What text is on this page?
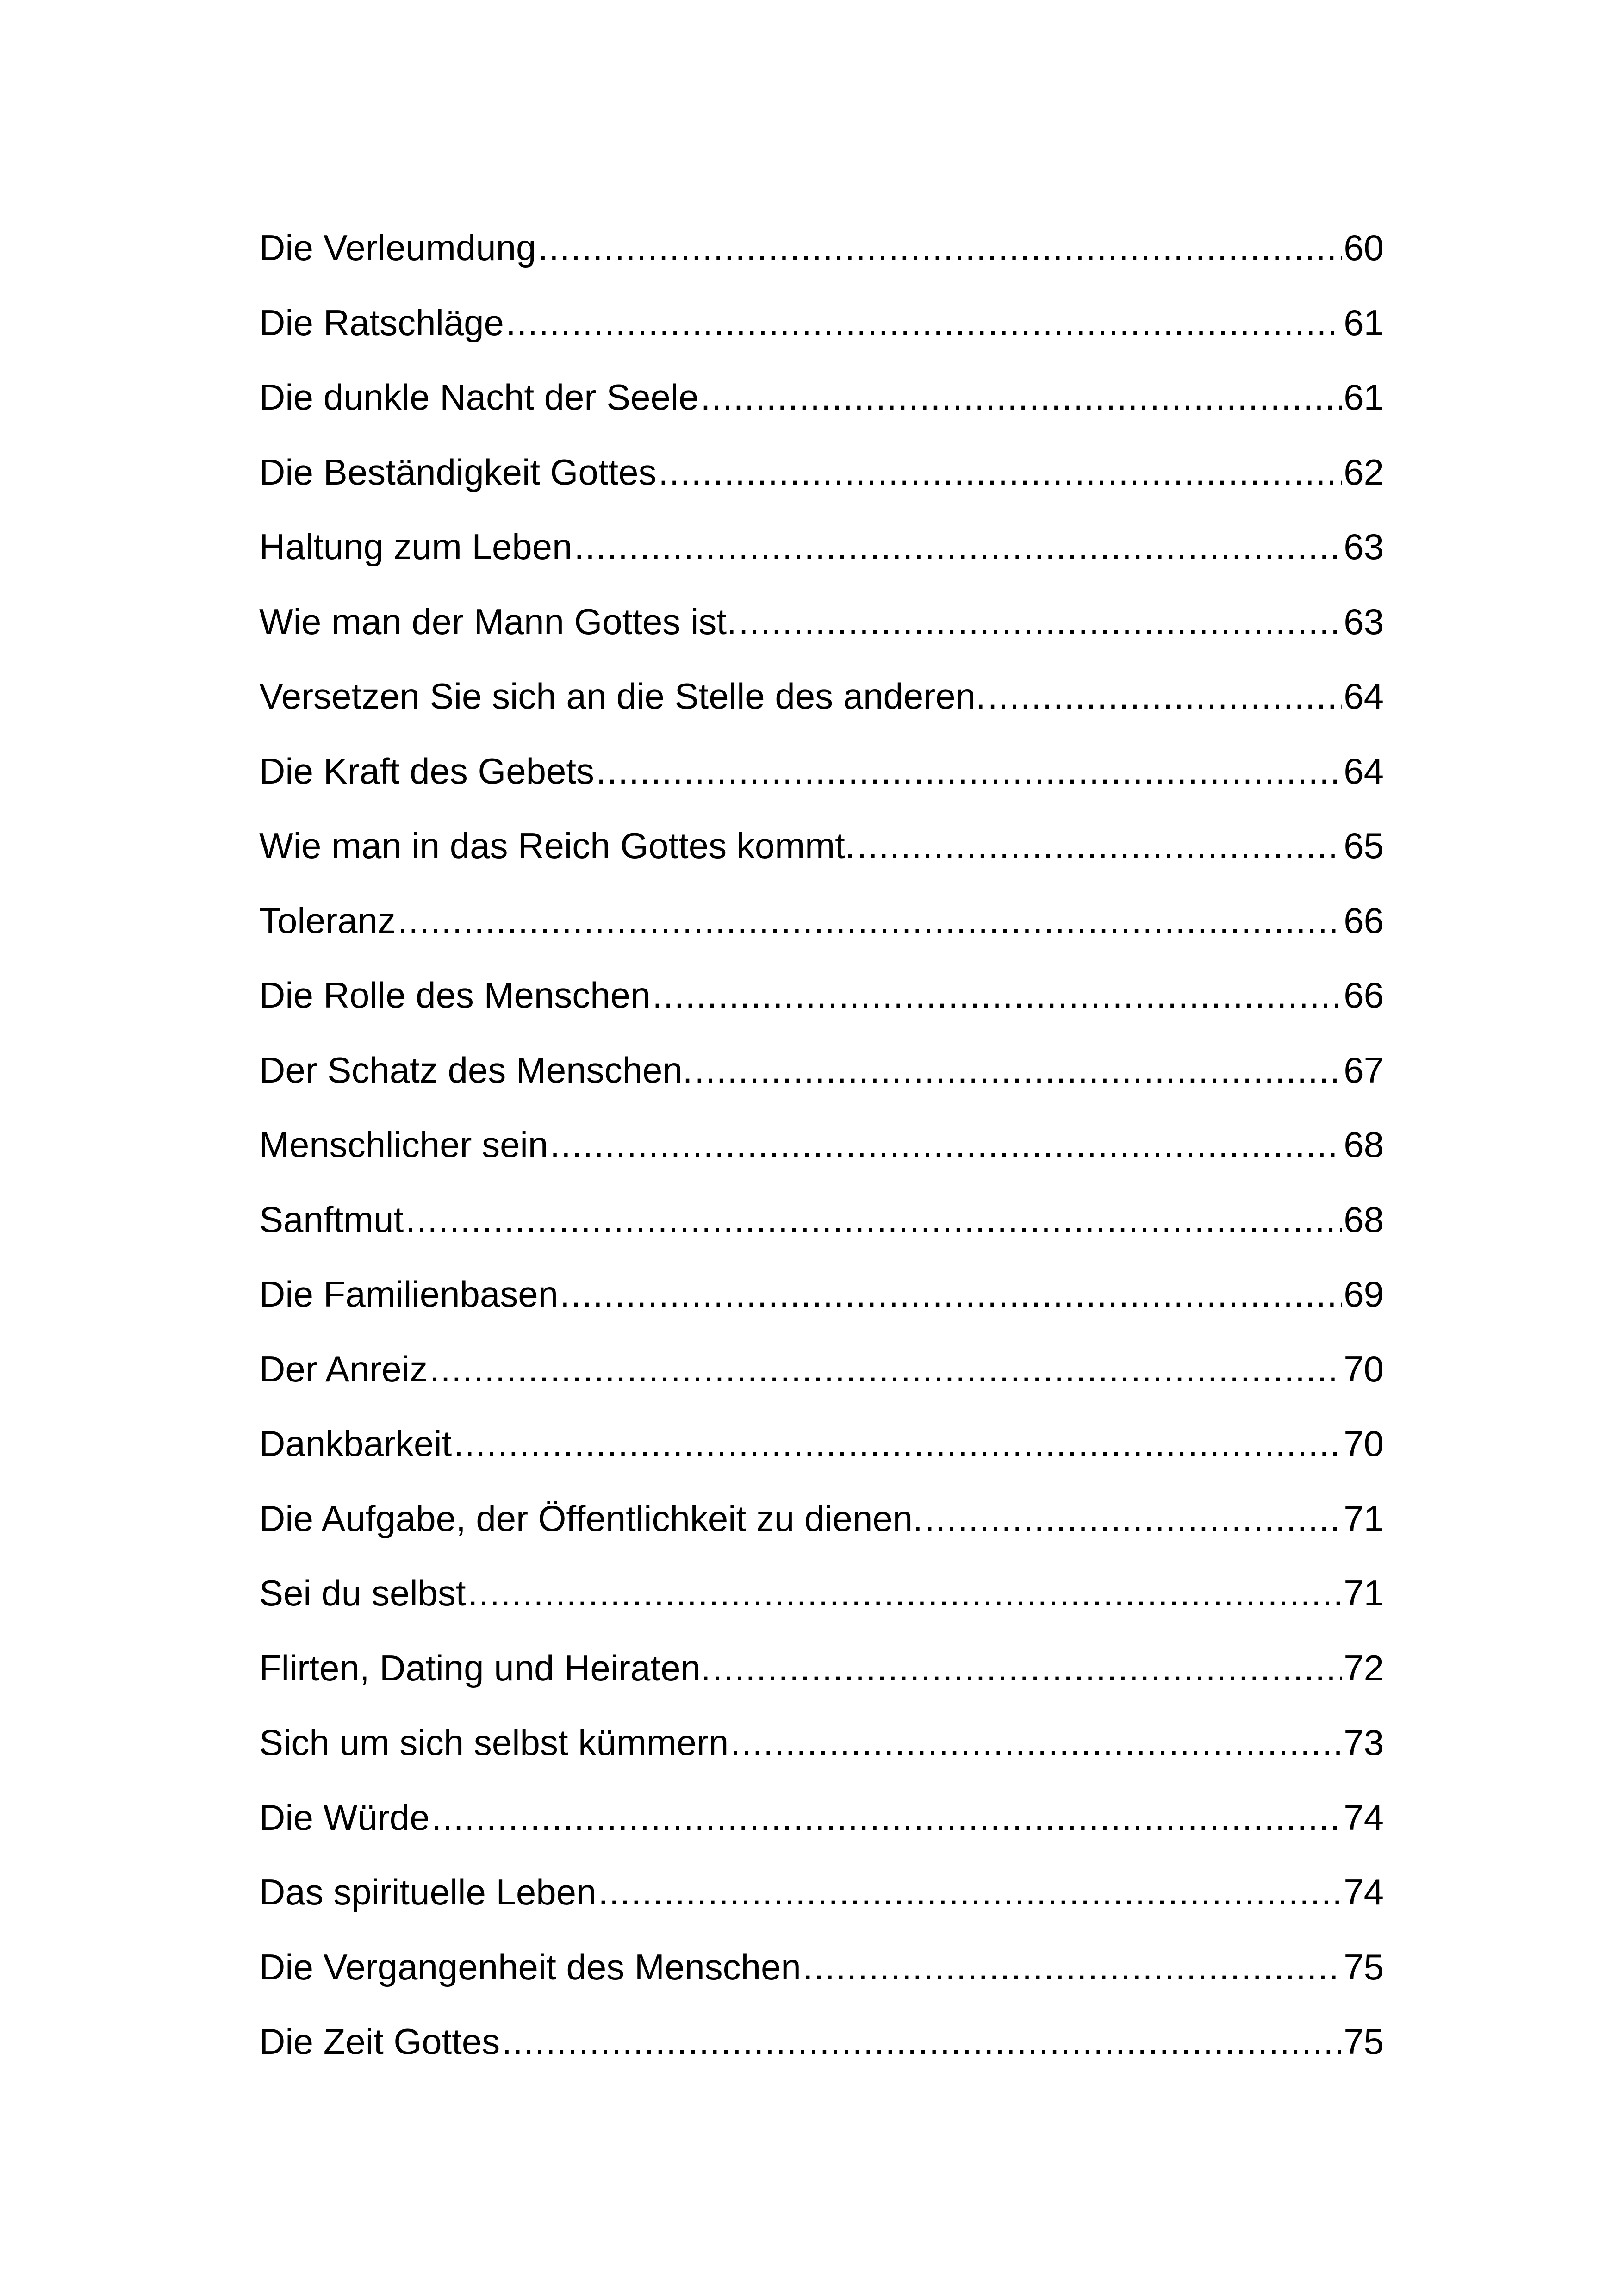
Die Verleumdung .....	60
Die Ratschläge .....	61
Die dunkle Nacht der Seele .....	61
Die Beständigkeit Gottes .....	62
Haltung zum Leben .....	63
Wie man der Mann Gottes ist. .....	63
Versetzen Sie sich an die Stelle des anderen. .....	64
Die Kraft des Gebets .....	64
Wie man in das Reich Gottes kommt. .....	65
Toleranz .....	66
Die Rolle des Menschen .....	66
Der Schatz des Menschen. .....	67
Menschlicher sein .....	68
Sanftmut .....	68
Die Familienbasen .....	69
Der Anreiz .....	70
Dankbarkeit .....	70
Die Aufgabe, der Öffentlichkeit zu dienen. .....	71
Sei du selbst .....	71
Flirten, Dating und Heiraten. .....	72
Sich um sich selbst kümmern .....	73
Die Würde .....	74
Das spirituelle Leben .....	74
Die Vergangenheit des Menschen .....	75
Die Zeit Gottes .....	75
